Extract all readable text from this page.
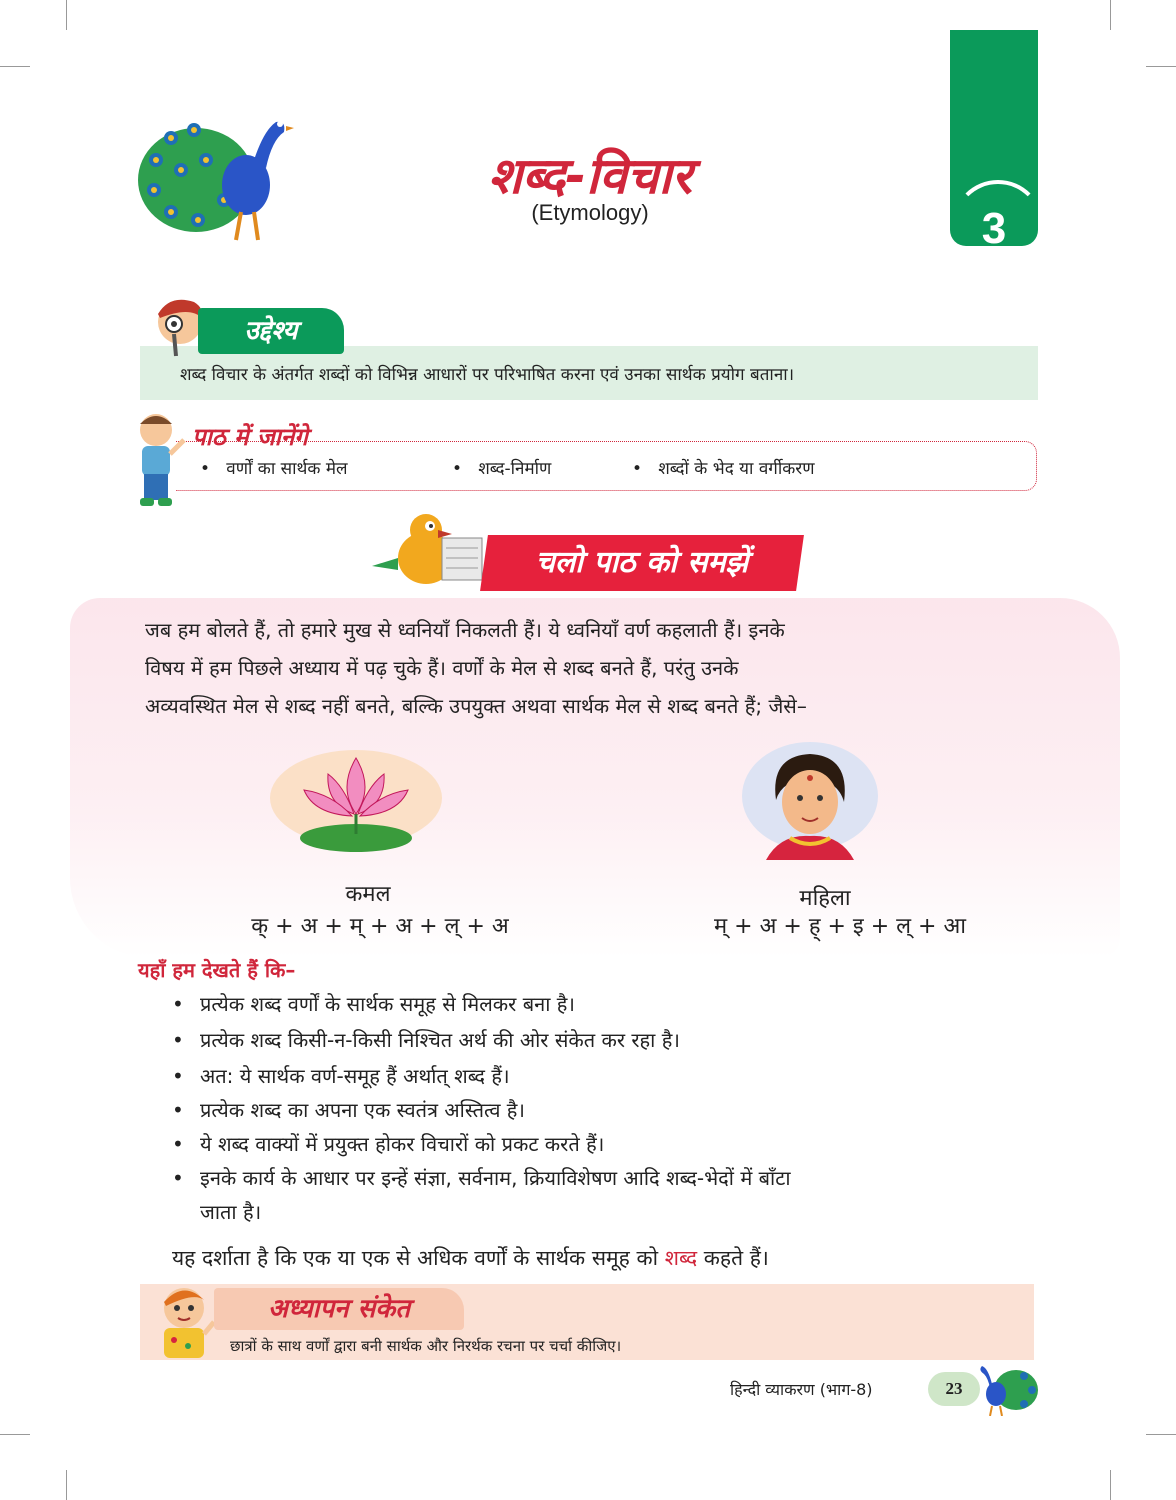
शब्द-विचार
(Etymology)	3
उद्देश्य
शब्द विचार के अंतर्गत शब्दों को विभिन्न आधारों पर परिभाषित करना एवं उनका सार्थक प्रयोग बताना।
पाठ में जानेंगे
•   वर्णों का सार्थक मेल	•   शब्द-निर्माण	•   शब्दों के भेद या वर्गीकरण
चलो पाठ को समझें
जब हम बोलते हैं, तो हमारे मुख से ध्वनियाँ निकलती हैं। ये ध्वनियाँ वर्ण कहलाती हैं। इनके
विषय में हम पिछले अध्याय में पढ़ चुके हैं। वर्णों के मेल से शब्द बनते हैं, परंतु उनके
अव्यवस्थित मेल से शब्द नहीं बनते, बल्कि उपयुक्त अथवा सार्थक मेल से शब्द बनते हैं; जैसे–
कमल
क् + अ + म् + अ + ल् + अ
महिला
म् + अ + ह् + इ + ल् + आ
यहाँ हम देखते हैं कि–
• प्रत्येक शब्द वर्णों के सार्थक समूह से मिलकर बना है।
• प्रत्येक शब्द किसी-न-किसी निश्चित अर्थ की ओर संकेत कर रहा है।
• अत: ये सार्थक वर्ण-समूह हैं अर्थात् शब्द हैं।
• प्रत्येक शब्द का अपना एक स्वतंत्र अस्तित्व है।
• ये शब्द वाक्यों में प्रयुक्त होकर विचारों को प्रकट करते हैं।
• इनके कार्य के आधार पर इन्हें संज्ञा, सर्वनाम, क्रियाविशेषण आदि शब्द-भेदों में बाँटा
जाता है।
यह दर्शाता है कि एक या एक से अधिक वर्णों के सार्थक समूह को शब्द कहते हैं।
अध्यापन संकेत
छात्रों के साथ वर्णों द्वारा बनी सार्थक और निरर्थक रचना पर चर्चा कीजिए।
हिन्दी व्याकरण (भाग-8)	23
